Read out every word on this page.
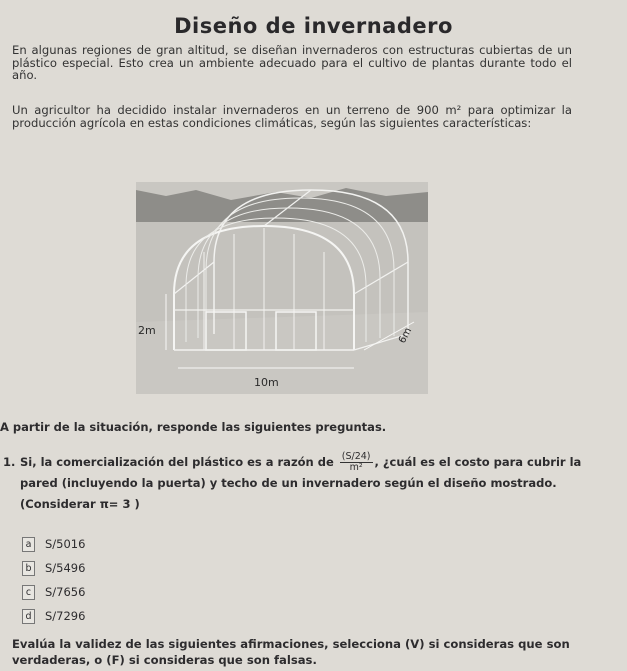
Diseño de invernadero
En algunas regiones de gran altitud, se diseñan invernaderos con estructuras cubiertas de un plástico especial. Esto crea un ambiente adecuado para el cultivo de plantas durante todo el año.
Un agricultor ha decidido instalar invernaderos en un terreno de 900 m² para optimizar la producción agrícola en estas condiciones climáticas, según las siguientes características:
2m
10m
6m
A partir de la situación, responde las siguientes preguntas.
1. Si, la comercialización del plástico es a razón de $\frac{(S/24)}{\text{m²}}$ , ¿cuál es el costo para cubrir la pared (incluyendo la puerta) y techo de un invernadero según el diseño mostrado. (Considerar π= 3 )
a	S/5016
b	S/5496
c	S/7656
d	S/7296
Evalúa la validez de las siguientes afirmaciones, selecciona (V) si consideras que son verdaderas, o (F) si consideras que son falsas.
